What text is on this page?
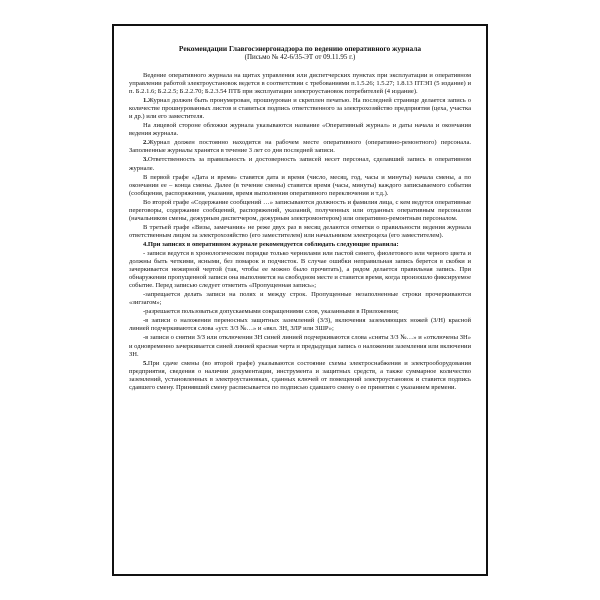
Рекомендации Главгосэнергонадзора по ведению оперативного журнала
(Письмо № 42-6/35-ЭТ от 09.11.95 г.)

Ведение оперативного журнала на щитах управления или диспетчерских пунктах при эксплуатации и оперативном управлении работой электроустановок ведется в соответствии с требованиями п.1.5.26; 1.5.27; 1.8.13 ПТЭП (5 издание) и п. Б.2.1.6; Б.2.2.5; Б.2.2.70; Б.2.3.54 ПТБ при эксплуатации электроустановок потребителей (4 издание).

1.Журнал должен быть пронумерован, прошнурован и скреплен печатью. На последней странице делается запись о количестве прошнурованных листов и ставиться подпись ответственного за электрохозяйство предприятия (цеха, участка и др.) или его заместителя.

На лицевой стороне обложки журнала указываются название «Оперативный журнал» и даты начала и окончания ведения журнала.

2.Журнал должен постоянно находится на рабочем месте оперативного (оперативно-ремонтного) персонала. Заполненные журналы хранятся в течение 3 лет со дня последней записи.

3.Ответственность за правильность и достоверность записей несет персонал, сделавший запись в оперативном журнале.

В первой графе «Дата и время» ставятся дата и время (число, месяц, год, часы и минуты) начала смены, а по окончании ее – конца смены. Далее (в течение смены) ставится время (часы, минуты) каждого записываемого события (сообщения, распоряжения, указания, время выполнения оперативного переключения и т.д.).

Во второй графе «Содержание сообщений …» записываются должность и фамилия лица, с кем ведутся оперативные переговоры, содержание сообщений, распоряжений, указаний, полученных или отданных оперативным персоналом (начальником смены, дежурным диспетчером, дежурным электромонтером) или оперативно-ремонтным персоналом.

В третьей графе «Визы, замечания» не реже двух раз в месяц делаются отметки о правильности ведения журнала ответственным лицом за электрохозяйство (его заместителем) или начальником электроцеха (его заместителем).

4.При записях в оперативном журнале рекомендуется соблюдать следующие правила:

- записи ведутся в хронологическом порядке только чернилами или пастой синего, фиолетового или черного цвета и должны быть четкими, ясными, без помарок и подчисток. В случае ошибки неправильная запись берется в скобки и зачеркивается нежирной чертой (так, чтобы ее можно было прочитать), а рядом делается правильная запись. При обнаружении пропущенной записи она выполняется на свободном месте и ставится время, когда произошло фиксируемое событие. Перед записью следует отметить «Пропущенная запись»;

-запрещается делать записи на полях и между строк. Пропущенные незаполненные строки прочеркиваются «зигзагом»;

-разрешается пользоваться допускаемыми сокращениями слов, указанными в Приложении;

-в записи о наложении переносных защитных заземлений (З/З), включения заземляющих ножей (З/Н) красной линией подчеркиваются слова «уст. З/З №…» и «вкл. ЗН, ЗЛР или ЗШР»;

-в записи о снятии З/З или отключении ЗН синей линией подчеркиваются слова «сняты З/З №…» и «отключены ЗН» и одновременно зачеркивается синей линией красная черта и предыдущая запись о наложении заземления или включении ЗН.

5.При сдаче смены (во второй графе) указываются состояние схемы электроснабжения и электрооборудования предприятия, сведения о наличии документации, инструмента и защитных средств, а также суммарное количество заземлений, установленных в электроустановках, сданных ключей от помещений электроустановок и ставится подпись сдавшего смену. Принявший смену расписывается по подписью сдавшего смену о ее принятии с указанием времени.
